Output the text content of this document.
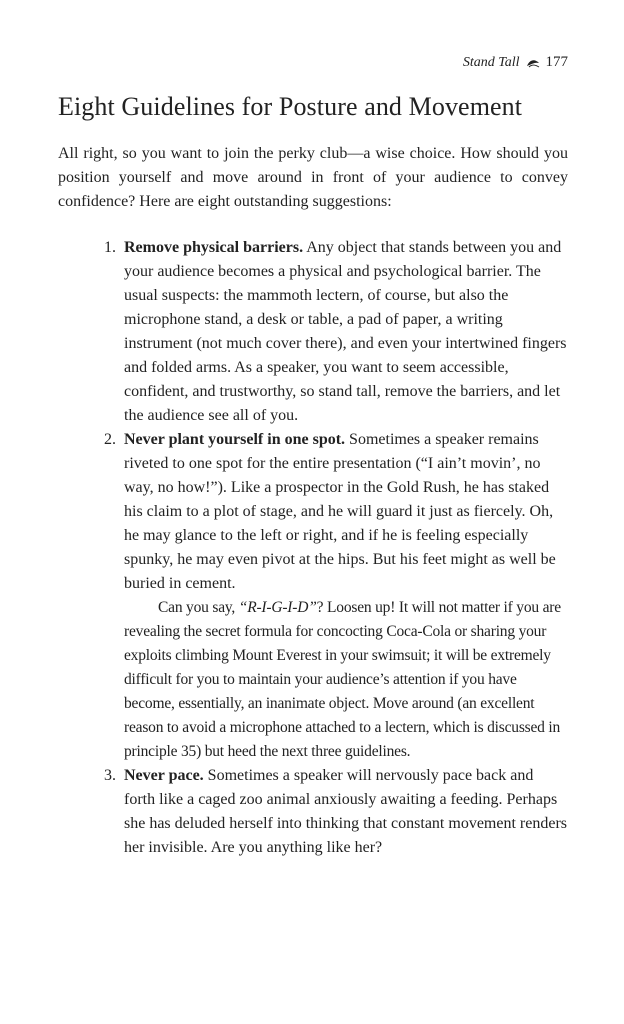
Stand Tall 177
Eight Guidelines for Posture and Movement

All right, so you want to join the perky club—a wise choice. How should you position yourself and move around in front of your audience to convey confidence? Here are eight outstanding suggestions:

1. Remove physical barriers. Any object that stands between you and your audience becomes a physical and psychological barrier. The usual suspects: the mammoth lectern, of course, but also the microphone stand, a desk or table, a pad of paper, a writing instrument (not much cover there), and even your intertwined fingers and folded arms. As a speaker, you want to seem accessible, confident, and trustworthy, so stand tall, remove the barriers, and let the audience see all of you.
2. Never plant yourself in one spot. Sometimes a speaker remains riveted to one spot for the entire presentation (“I ain’t movin’, no way, no how!”). Like a prospector in the Gold Rush, he has staked his claim to a plot of stage, and he will guard it just as fiercely. Oh, he may glance to the left or right, and if he is feeling especially spunky, he may even pivot at the hips. But his feet might as well be buried in cement.
Can you say, “R-I-G-I-D”? Loosen up! It will not matter if you are revealing the secret formula for concocting Coca-Cola or sharing your exploits climbing Mount Everest in your swimsuit; it will be extremely difficult for you to maintain your audience’s attention if you have become, essentially, an inanimate object. Move around (an excellent reason to avoid a microphone attached to a lectern, which is discussed in principle 35) but heed the next three guidelines.
3. Never pace. Sometimes a speaker will nervously pace back and forth like a caged zoo animal anxiously awaiting a feeding. Perhaps she has deluded herself into thinking that constant movement renders her invisible. Are you anything like her?
